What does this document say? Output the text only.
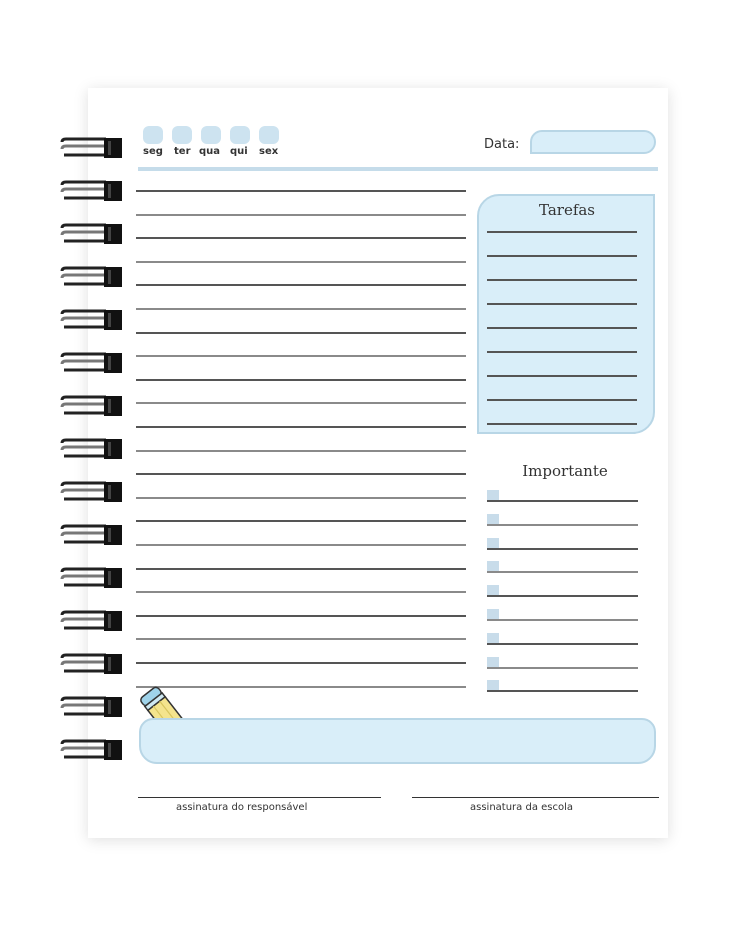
seg ter qua qui sex	Data:
Tarefas
Importante
assinatura do responsável	assinatura da escola
